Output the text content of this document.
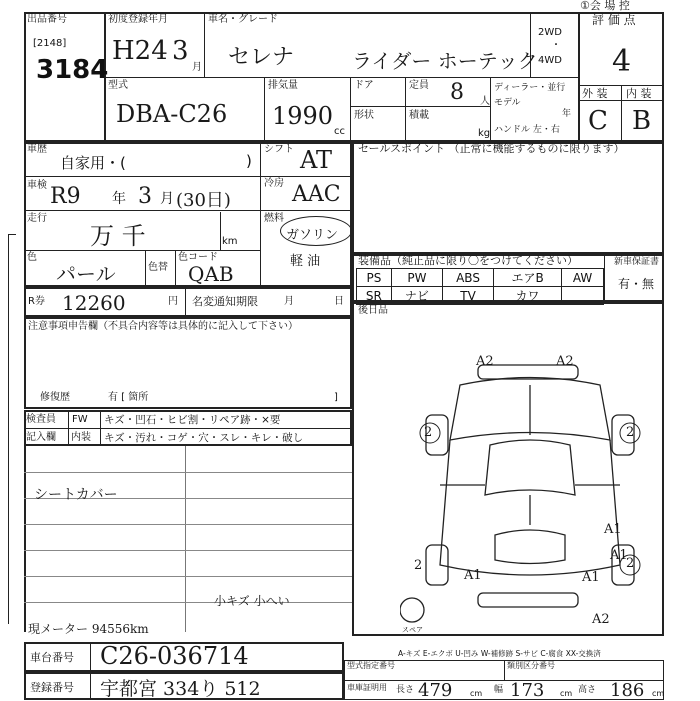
①会 場 控
出品番号
[2148]
3184
初度登録年月
H24 3
月
車名・グレード
セレナ	ライダー ホーテック
2WD
・
4WD
評 価 点
4
外 装 内 装
C B
型式
DBA-C26
排気量
1990
cc
ドア
形状
定員 8 人
積載
kg
ディーラー・並行
モデル
年
ハンドル 左・右
車歴
自家用・(	)
シフト AT
車検 R9 年 3 月 (30日)
冷房 AAC
走行
万 千	km
燃料
ガソリン
軽 油
色
パール	色替
色コード
QAB
R券 12260	円 名変通知期限	月	日
注意事項申告欄（不具合内容等は具体的に記入して下さい）
修復歴	有 [ 箇所	]
検査員
記入欄
FW キズ・凹石・ヒビ割・リペア跡・×要
内装 キズ・汚れ・コゲ・穴・スレ・キレ・破し
シートカバー
小キズ 小へい
現メーター 94556km
セールスポイント （正常に機能するものに限ります）
装備品（純正品に限り〇をつけてください）	新車保証書
有・無
PS	PW	ABS	エアB	AW
SR	ナビ	TV	カワ	
後日品
A2	A2
2	2
2
A1
A1
A1	A1
2
A2
スペア
A-キズ E-エクボ U-凹み W-補修跡 S-サビ C-腐食 XX-交換済
車台番号 C26-036714
登録番号 宇都宮 334り 512
型式指定番号	類別区分番号
車庫証明用 長さ 479 cm 幅 173 cm 高さ 186 cm
